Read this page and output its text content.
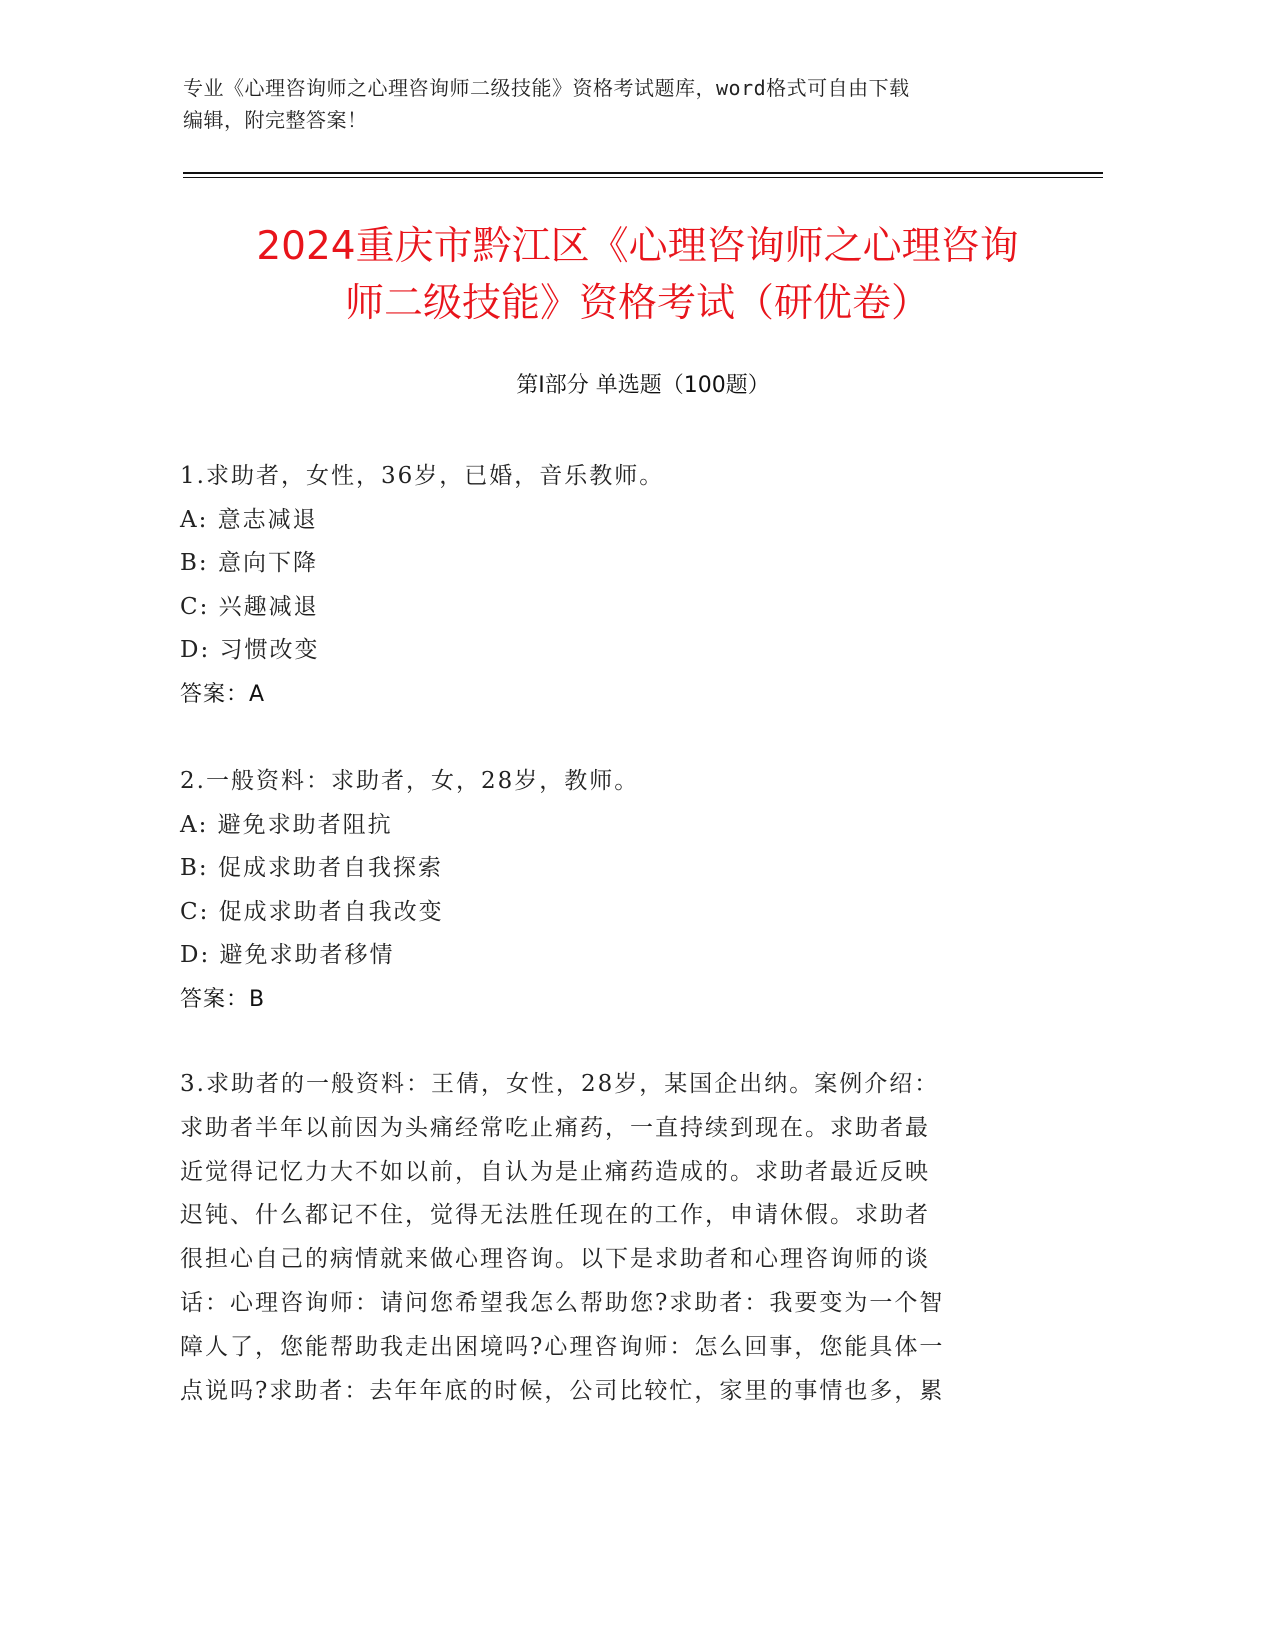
专业《心理咨询师之心理咨询师二级技能》资格考试题库，word格式可自由下载
编辑，附完整答案！
2024重庆市黔江区《心理咨询师之心理咨询
师二级技能》资格考试（研优卷）
第Ⅰ部分 单选题（100题）
1.求助者，女性，36岁，已婚，音乐教师。
A: 意志减退
B: 意向下降
C: 兴趣减退
D: 习惯改变
答案：A
2.一般资料：求助者，女，28岁，教师。
A: 避免求助者阻抗
B: 促成求助者自我探索
C: 促成求助者自我改变
D: 避免求助者移情
答案：B
3.求助者的一般资料：王倩，女性，28岁，某国企出纳。案例介绍：
求助者半年以前因为头痛经常吃止痛药，一直持续到现在。求助者最
近觉得记忆力大不如以前，自认为是止痛药造成的。求助者最近反映
迟钝、什么都记不住，觉得无法胜任现在的工作，申请休假。求助者
很担心自己的病情就来做心理咨询。以下是求助者和心理咨询师的谈
话：心理咨询师：请问您希望我怎么帮助您?求助者：我要变为一个智
障人了，您能帮助我走出困境吗?心理咨询师：怎么回事，您能具体一
点说吗?求助者：去年年底的时候，公司比较忙，家里的事情也多，累
